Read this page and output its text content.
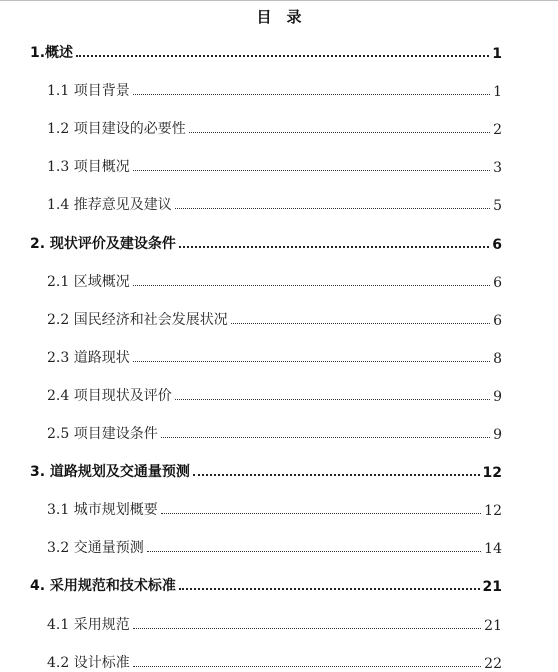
目　录
1.概述	1
1.1 项目背景	1
1.2 项目建设的必要性	2
1.3 项目概况	3
1.4 推荐意见及建议	5
2. 现状评价及建设条件	6
2.1 区域概况	6
2.2 国民经济和社会发展状况	6
2.3 道路现状	8
2.4 项目现状及评价	9
2.5 项目建设条件	9
3. 道路规划及交通量预测	12
3.1 城市规划概要	12
3.2 交通量预测	14
4. 采用规范和技术标准	21
4.1 采用规范	21
4.2 设计标准	22
